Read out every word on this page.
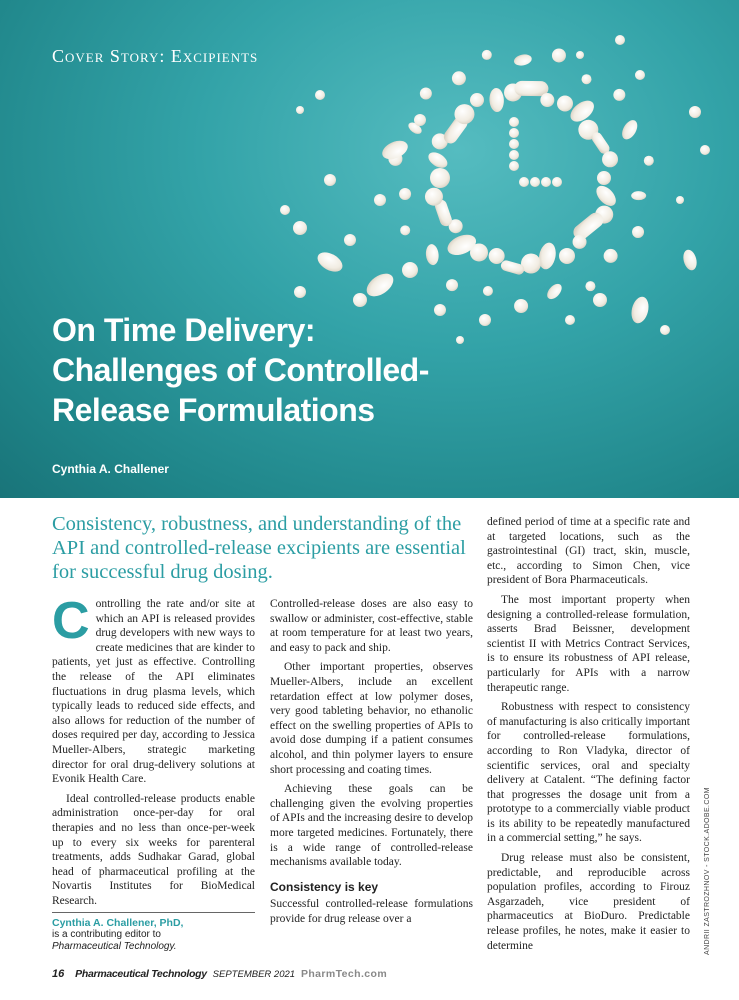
Cover Story: Excipients
On Time Delivery:
Challenges of Controlled-
Release Formulations
Cynthia A. Challener
ANDRII ZASTROZHNOV - STOCK.ADOBE.COM

Consistency, robustness, and understanding of the API and controlled-release excipients are essential for successful drug dosing.

Controlling the rate and/or site at which an API is released provides drug developers with new ways to create medicines that are kinder to patients, yet just as effective. Controlling the release of the API eliminates fluctuations in drug plasma levels, which typically leads to reduced side effects, and also allows for reduction of the number of doses required per day, according to Jessica Mueller-Albers, strategic marketing director for oral drug-delivery solutions at Evonik Health Care.

Ideal controlled-release products enable administration once-per-day for oral therapies and no less than once-per-week up to every six weeks for parenteral treatments, adds Sudhakar Garad, global head of pharmaceutical profiling at the Novartis Institutes for BioMedical Research.

Cynthia A. Challener, PhD,
is a contributing editor to
Pharmaceutical Technology.

Controlled-release doses are also easy to swallow or administer, cost-effective, stable at room temperature for at least two years, and easy to pack and ship.

Other important properties, observes Mueller-Albers, include an excellent retardation effect at low polymer doses, very good tableting behavior, no ethanolic effect on the swelling properties of APIs to avoid dose dumping if a patient consumes alcohol, and thin polymer layers to ensure short processing and coating times.

Achieving these goals can be challenging given the evolving properties of APIs and the increasing desire to develop more targeted medicines. Fortunately, there is a wide range of controlled-release mechanisms available today.

Consistency is key

Successful controlled-release formulations provide for drug release over a

defined period of time at a specific rate and at targeted locations, such as the gastrointestinal (GI) tract, skin, muscle, etc., according to Simon Chen, vice president of Bora Pharmaceuticals.

The most important property when designing a controlled-release formulation, asserts Brad Beissner, development scientist II with Metrics Contract Services, is to ensure its robustness of API release, particularly for APIs with a narrow therapeutic range.

Robustness with respect to consistency of manufacturing is also critically important for controlled-release formulations, according to Ron Vladyka, director of scientific services, oral and specialty delivery at Catalent. “The defining factor that progresses the dosage unit from a prototype to a commercially viable product is its ability to be repeatedly manufactured in a commercial setting,” he says.

Drug release must also be consistent, predictable, and reproducible across population profiles, according to Firouz Asgarzadeh, vice president of pharmaceutics at BioDuro. Predictable release profiles, he notes, make it easier to determine

16 Pharmaceutical Technology SEPTEMBER 2021 PharmTech.com
